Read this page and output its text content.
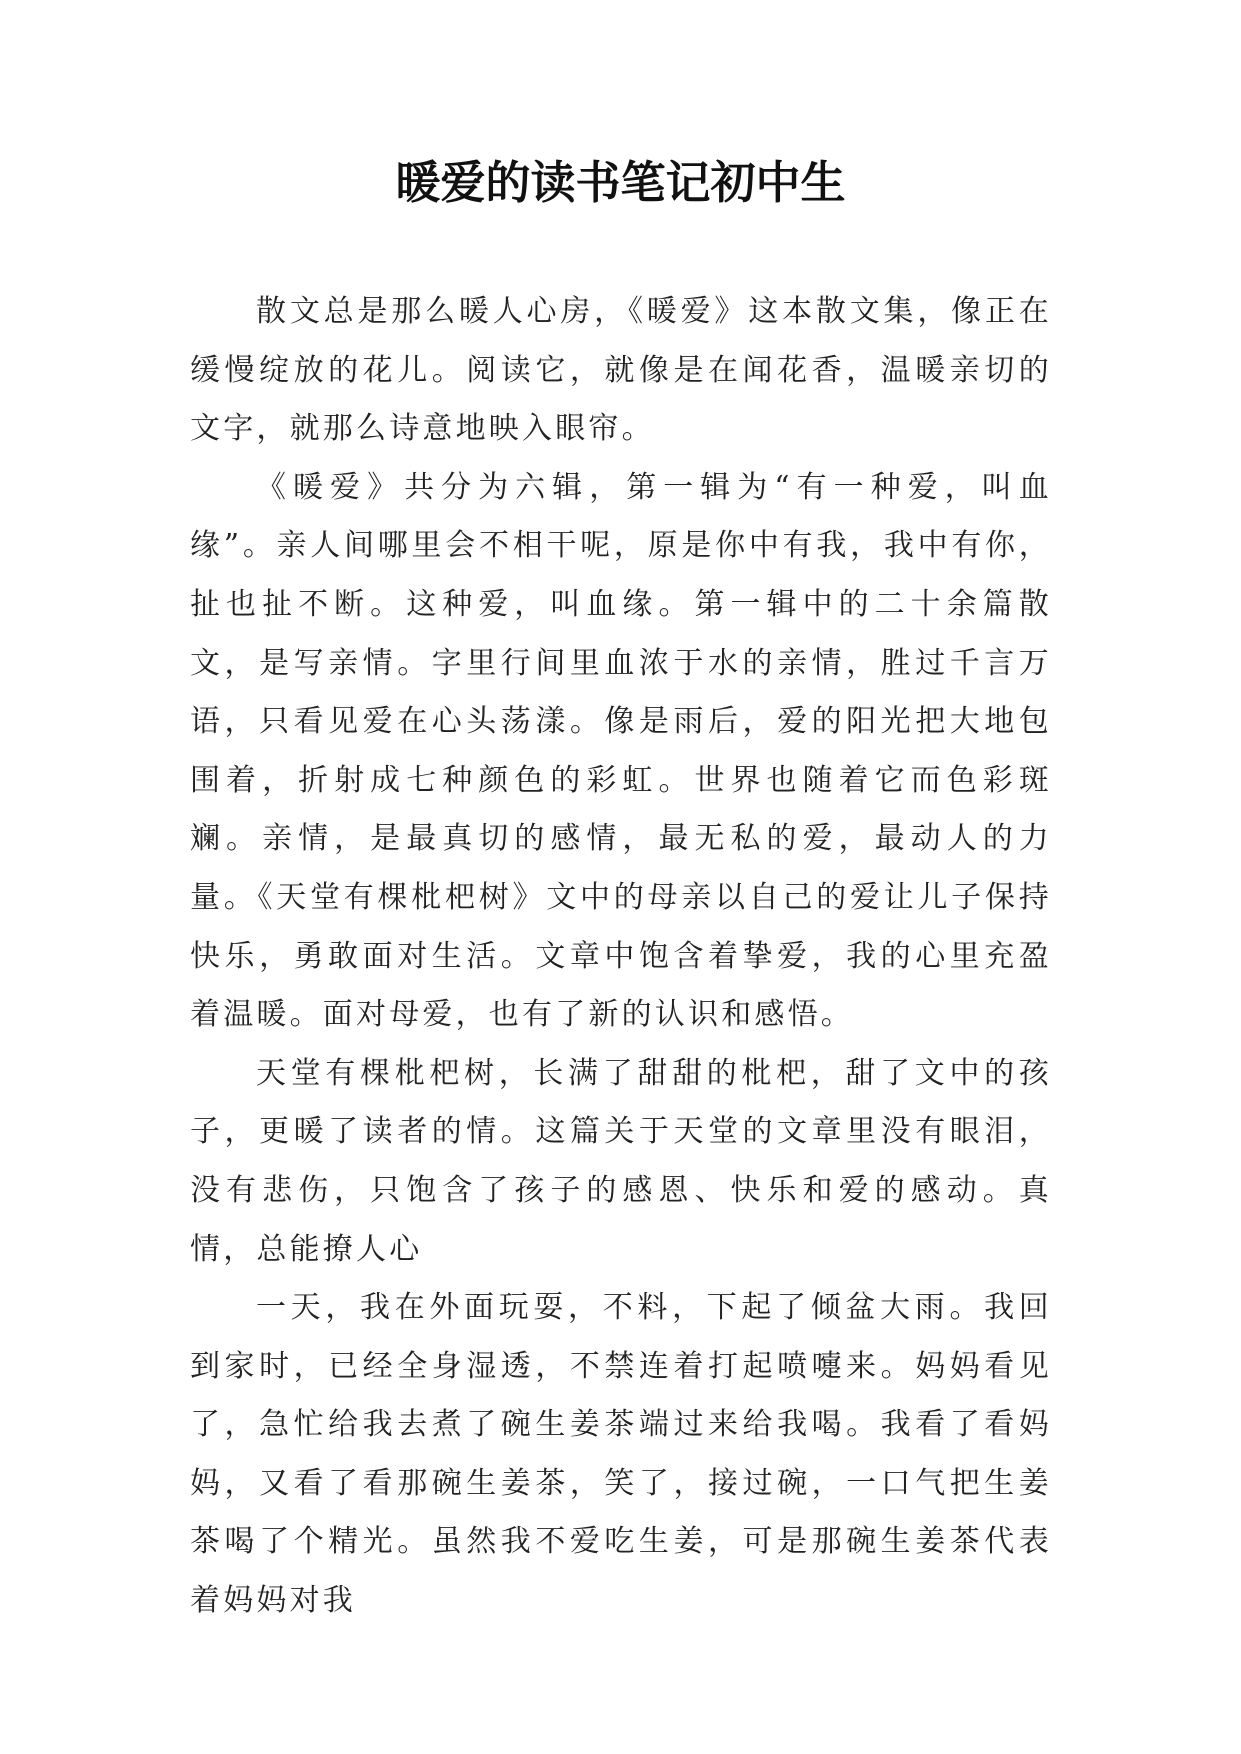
暖爱的读书笔记初中生

散文总是那么暖人心房，《暖爱》这本散文集，像正在缓慢绽放的花儿。阅读它，就像是在闻花香，温暖亲切的文字，就那么诗意地映入眼帘。

《暖爱》共分为六辑，第一辑为“有一种爱，叫血缘”。亲人间哪里会不相干呢，原是你中有我，我中有你，扯也扯不断。这种爱，叫血缘。第一辑中的二十余篇散文，是写亲情。字里行间里血浓于水的亲情，胜过千言万语，只看见爱在心头荡漾。像是雨后，爱的阳光把大地包围着，折射成七种颜色的彩虹。世界也随着它而色彩斑斓。亲情，是最真切的感情，最无私的爱，最动人的力量。《天堂有棵枇杷树》文中的母亲以自己的爱让儿子保持快乐，勇敢面对生活。文章中饱含着挚爱，我的心里充盈着温暖。面对母爱，也有了新的认识和感悟。

天堂有棵枇杷树，长满了甜甜的枇杷，甜了文中的孩子，更暖了读者的情。这篇关于天堂的文章里没有眼泪，没有悲伤，只饱含了孩子的感恩、快乐和爱的感动。真情，总能撩人心

一天，我在外面玩耍，不料，下起了倾盆大雨。我回到家时，已经全身湿透，不禁连着打起喷嚏来。妈妈看见了，急忙给我去煮了碗生姜茶端过来给我喝。我看了看妈妈，又看了看那碗生姜茶，笑了，接过碗，一口气把生姜茶喝了个精光。虽然我不爱吃生姜，可是那碗生姜茶代表着妈妈对我
